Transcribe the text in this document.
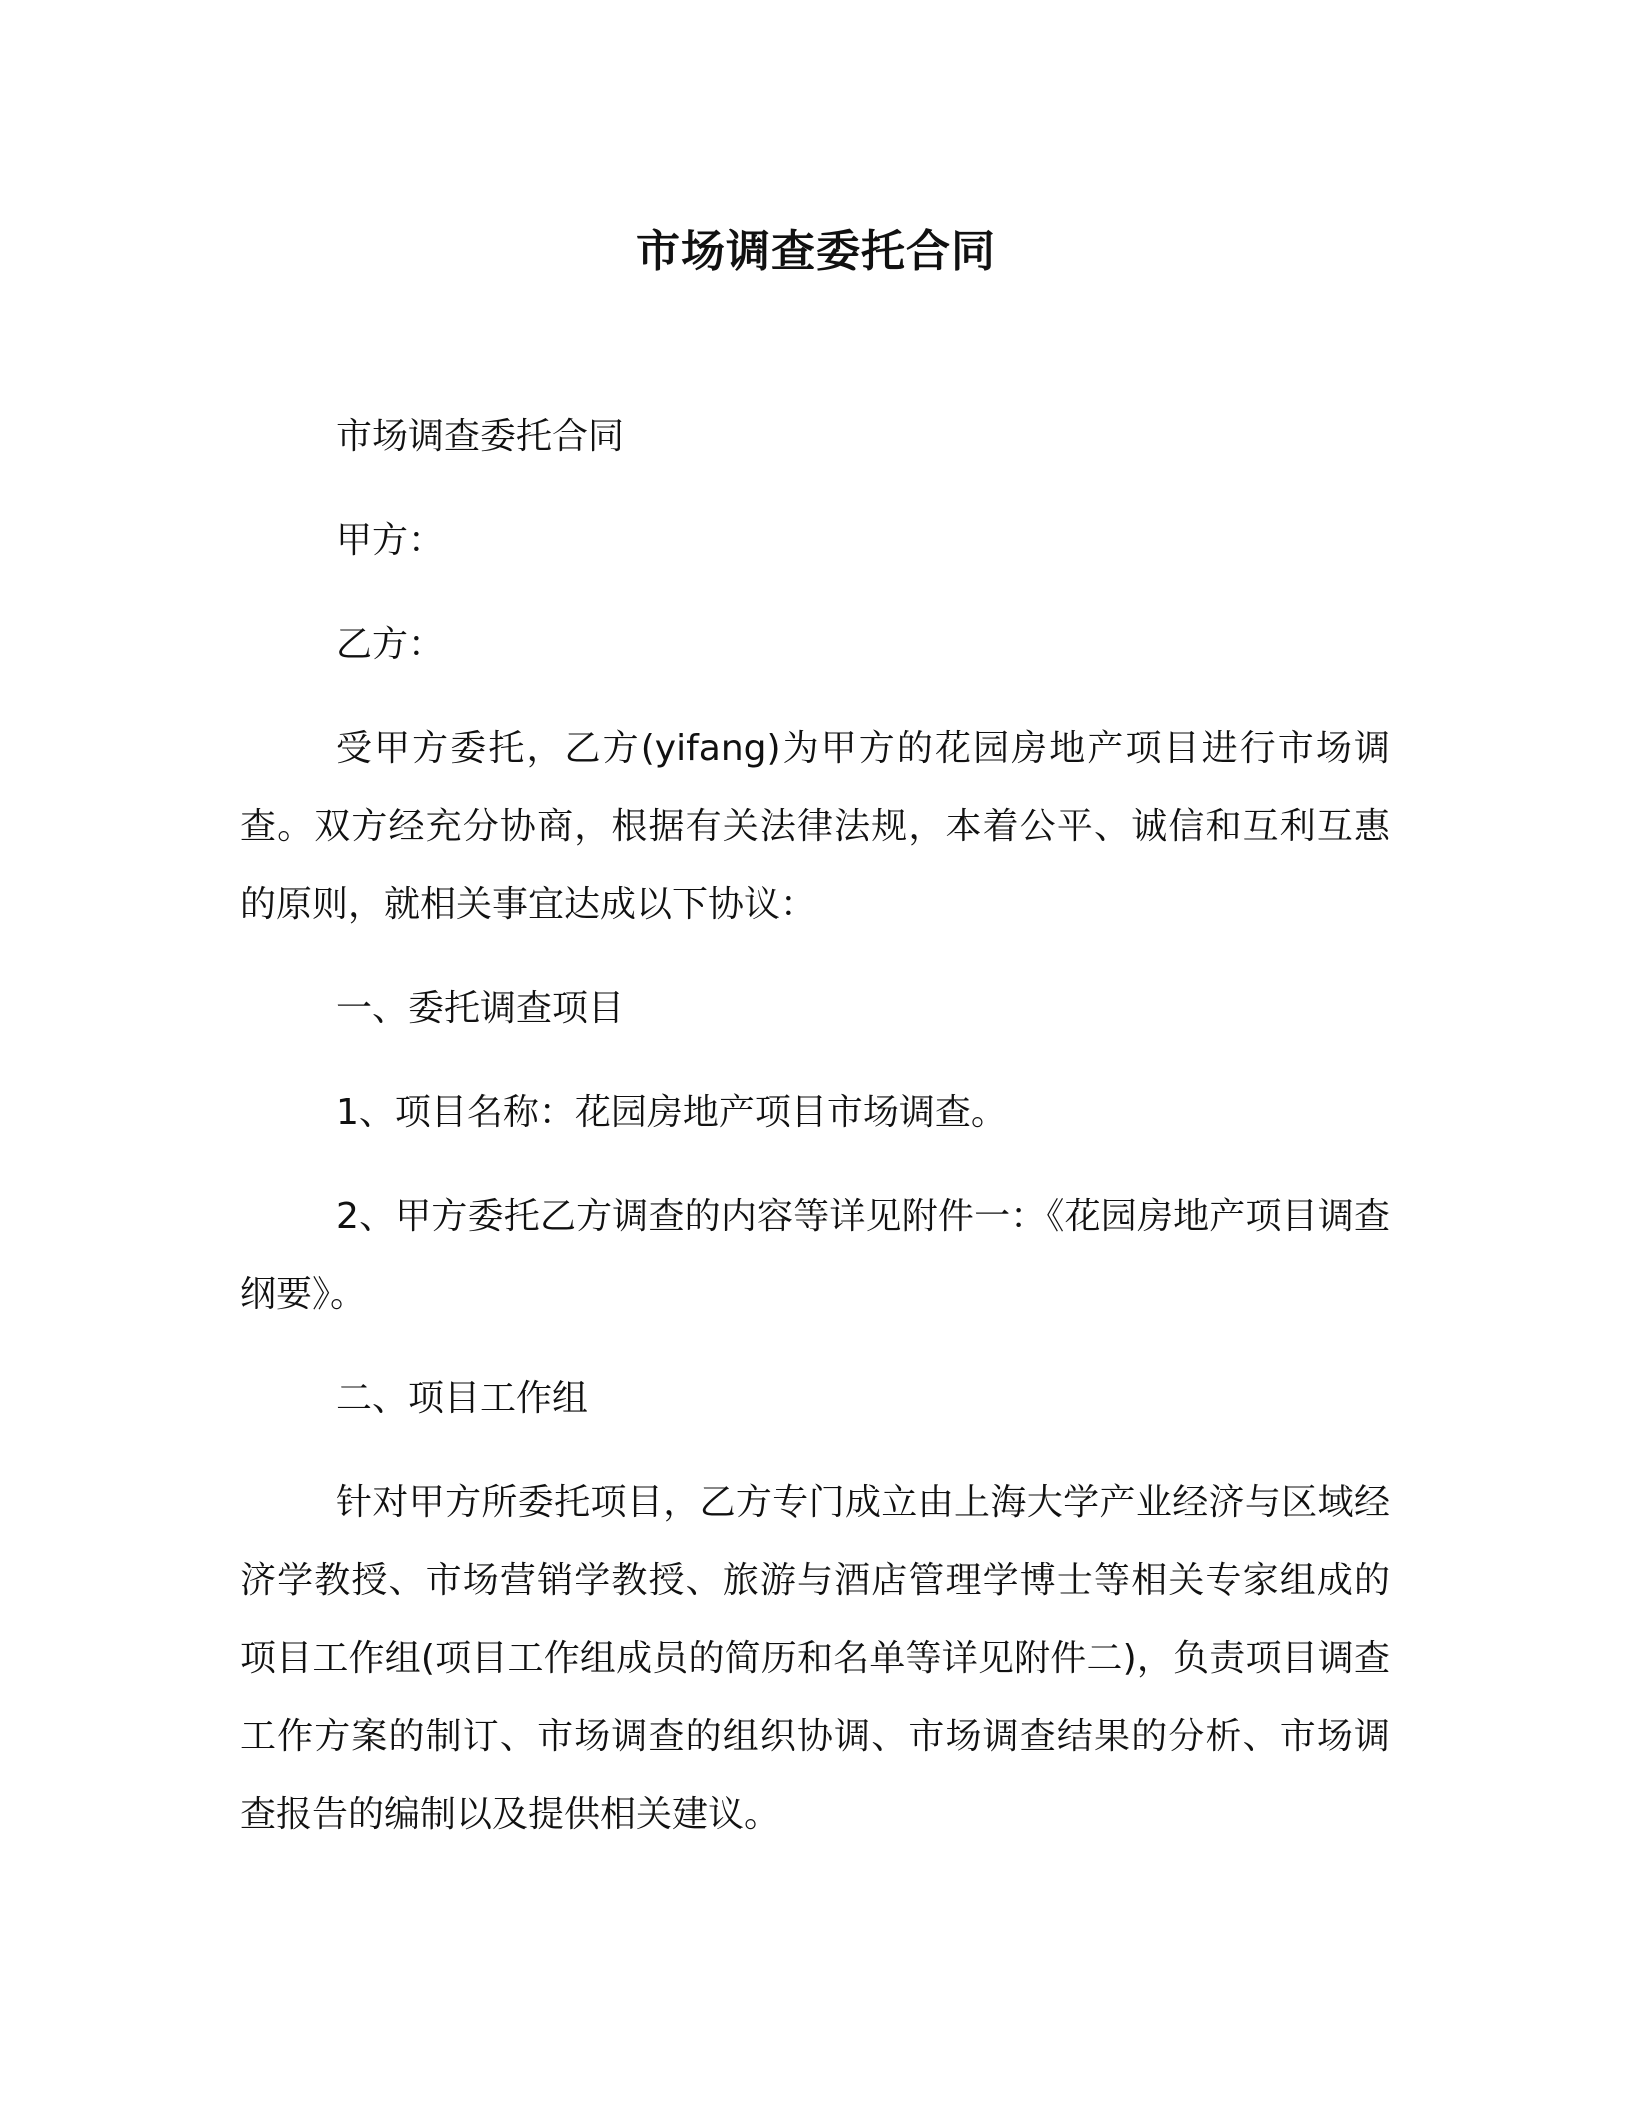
市场调查委托合同

市场调查委托合同

甲方：

乙方：

受甲方委托，乙方(yifang)为甲方的花园房地产项目进行市场调查。双方经充分协商，根据有关法律法规，本着公平、诚信和互利互惠的原则，就相关事宜达成以下协议：

一、委托调查项目

1、项目名称：花园房地产项目市场调查。

2、甲方委托乙方调查的内容等详见附件一：《花园房地产项目调查纲要》。

二、项目工作组

针对甲方所委托项目，乙方专门成立由上海大学产业经济与区域经济学教授、市场营销学教授、旅游与酒店管理学博士等相关专家组成的项目工作组(项目工作组成员的简历和名单等详见附件二)，负责项目调查工作方案的制订、市场调查的组织协调、市场调查结果的分析、市场调查报告的编制以及提供相关建议。
